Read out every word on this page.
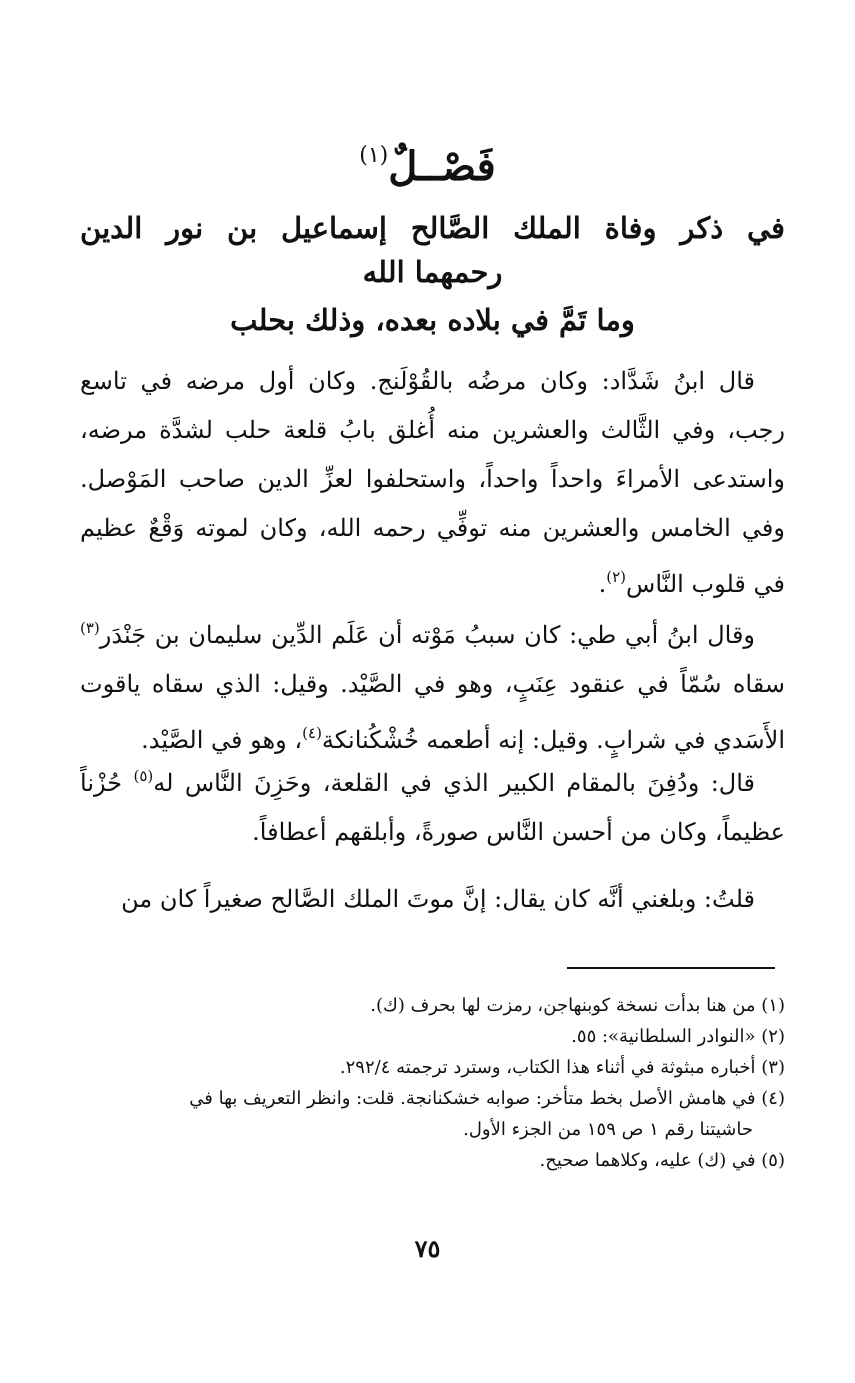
فَصْــلٌ$^{(١)}$
في ذكر وفاة الملك الصَّالح إسماعيل بن نور الدين
رحمهما الله
وما تَمَّ في بلاده بعده، وذلك بحلب

قال ابنُ شَدَّاد: وكان مرضُه بالقُوْلَنج. وكان أول مرضه في تاسع رجب، وفي الثَّالث والعشرين منه أُغلق بابُ قلعة حلب لشدَّة مرضه، واستدعى الأمراءَ واحداً واحداً، واستحلفوا لعزِّ الدين صاحب المَوْصل. وفي الخامس والعشرين منه توفِّي رحمه الله، وكان لموته وَقْعٌ عظيم في قلوب النَّاس$^{(٢)}$.

وقال ابنُ أبي طي: كان سببُ مَوْته أن عَلَم الدِّين سليمان بن جَنْدَر$^{(٣)}$ سقاه سُمّاً في عنقود عِنَبٍ، وهو في الصَّيْد. وقيل: الذي سقاه ياقوت الأَسَدي في شرابٍ. وقيل: إنه أطعمه خُشْكُنانكة$^{(٤)}$، وهو في الصَّيْد.

قال: ودُفِنَ بالمقام الكبير الذي في القلعة، وحَزِنَ النَّاس له$^{(٥)}$ حُزْناً عظيماً، وكان من أحسن النَّاس صورةً، وأبلقهم أعطافاً.

قلتُ: وبلغني أنَّه كان يقال: إنَّ موتَ الملك الصَّالح صغيراً كان من

(١) من هنا بدأت نسخة كوبنهاجن، رمزت لها بحرف (ك).

(٢) «النوادر السلطانية»: ٥٥.

(٣) أخباره مبثوثة في أثناء هذا الكتاب، وسترد ترجمته ٢٩٢/٤.

(٤) في هامش الأصل بخط متأخر: صوابه خشكنانجة. قلت: وانظر التعريف بها في

حاشيتنا رقم ١ ص ١٥٩ من الجزء الأول.

(٥) في (ك) عليه، وكلاهما صحيح.

٧٥
